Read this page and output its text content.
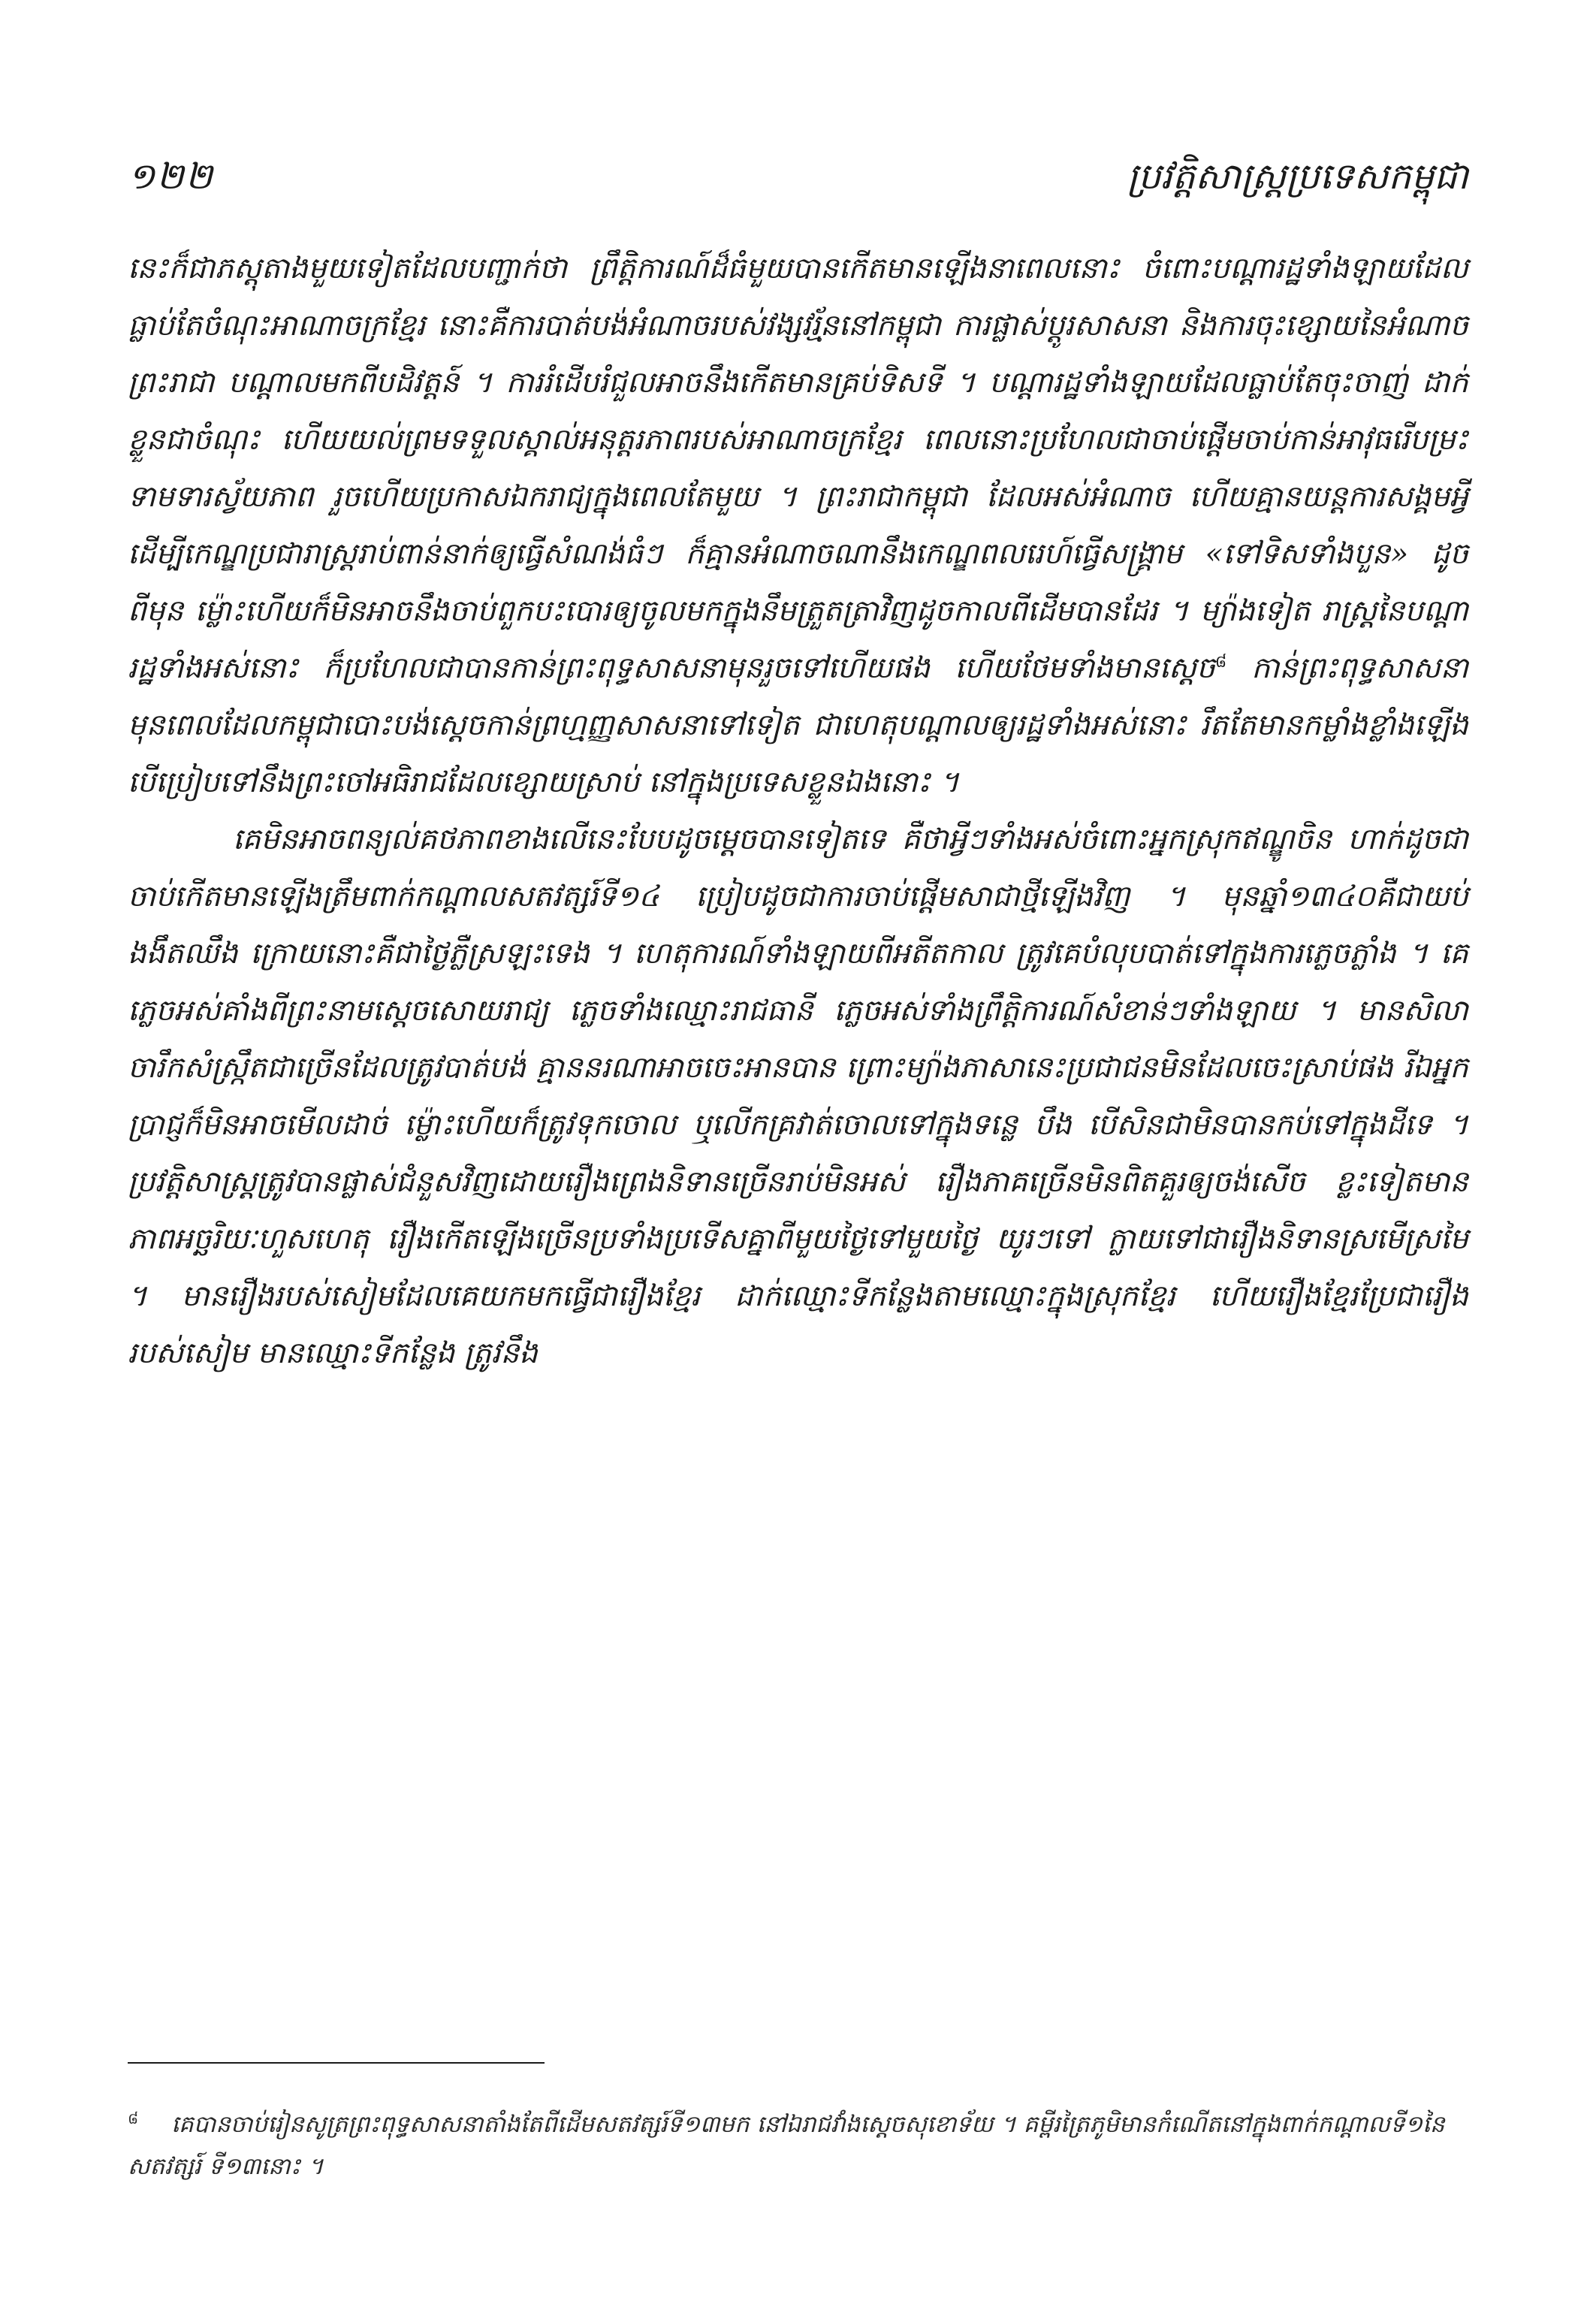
១២២	ប្រវត្តិសាស្ត្រប្រទេសកម្ពុជា

នេះក៏ជាភស្តុតាងមួយទៀតដែលបញ្ជាក់ថា ព្រឹត្តិការណ៍ដ៏ធំមួយបានកើតមានឡើងនាពេលនោះ ចំពោះបណ្តារដ្ឋទាំងឡាយដែលធ្លាប់តែចំណុះអាណាចក្រខ្មែរ នោះគឺការបាត់បង់អំណាចរបស់វង្សវរ្ម័ននៅកម្ពុជា ការផ្លាស់ប្តូរសាសនា និងការចុះខ្សោយនៃអំណាចព្រះរាជា បណ្តាលមកពីបដិវត្តន៍ ។ ការរំដើបរំជួលអាចនឹងកើតមានគ្រប់ទិសទី ។ បណ្តារដ្ឋទាំងឡាយដែលធ្លាប់តែចុះចាញ់ ដាក់ខ្លួនជាចំណុះ ហើយយល់ព្រមទទួលស្គាល់អនុត្តរភាពរបស់អាណាចក្រខ្មែរ ពេលនោះប្រហែលជាចាប់ផ្តើមចាប់កាន់អាវុធរើបម្រះទាមទារស្វ័យភាព រួចហើយប្រកាសឯករាជ្យក្នុងពេលតែមួយ ។ ព្រះរាជាកម្ពុជា ដែលអស់អំណាច ហើយគ្មានយន្តការសង្គមអ្វី ដើម្បីកេណ្ឌប្រជារាស្ត្ររាប់ពាន់នាក់ឲ្យធ្វើសំណង់ធំៗ ក៏គ្មានអំណាចណានឹងកេណ្ឌពលរេហ៍ធ្វើសង្គ្រាម «ទៅទិសទាំងបួន» ដូចពីមុន ម៉្លោះហើយក៏មិនអាចនឹងចាប់ពួកបះបោរឲ្យចូលមកក្នុងនឹមត្រួតត្រាវិញដូចកាលពីដើមបានដែរ ។ ម្យ៉ាងទៀត រាស្ត្រនៃបណ្តារដ្ឋទាំងអស់នោះ ក៏ប្រហែលជាបានកាន់ព្រះពុទ្ធសាសនាមុនរួចទៅហើយផង ហើយថែមទាំងមានស្តេច$^៨$ កាន់ព្រះពុទ្ធសាសនា មុនពេលដែលកម្ពុជាបោះបង់ស្តេចកាន់ព្រហ្មញ្ញសាសនាទៅទៀត ជាហេតុបណ្តាលឲ្យរដ្ឋទាំងអស់នោះ រឹតតែមានកម្លាំងខ្លាំងឡើង បើប្រៀបទៅនឹងព្រះចៅអធិរាជដែលខ្សោយស្រាប់ នៅក្នុងប្រទេសខ្លួនឯងនោះ ។

គេមិនអាចពន្យល់គថភាពខាងលើនេះបែបដូចម្តេចបានទៀតទេ គឺថាអ្វីៗទាំងអស់ចំពោះអ្នកស្រុកឥណ្ឌូចិន ហាក់ដូចជាចាប់កើតមានឡើងត្រឹមពាក់កណ្តាលសតវត្សរ៍ទី១៤ ប្រៀបដូចជាការចាប់ផ្តើមសាជាថ្មីឡើងវិញ ។ មុនឆ្នាំ១៣៤០គឺជាយប់ងងឹតឈឹង ក្រោយនោះគឺជាថ្ងៃភ្លឺស្រឡះទេង ។ ហេតុការណ៍ទាំងឡាយពីអតីតកាល ត្រូវគេបំលុបបាត់ទៅក្នុងការភ្លេចភ្លាំង ។ គេភ្លេចអស់គាំងពីព្រះនាមស្តេចសោយរាជ្យ ភ្លេចទាំងឈ្មោះរាជធានី ភ្លេចអស់ទាំងព្រឹត្តិការណ៍សំខាន់ៗទាំងឡាយ ។ មានសិលាចារឹកសំស្ក្រឹតជាច្រើនដែលត្រូវបាត់បង់ គ្មាននរណាអាចចេះអានបាន ព្រោះម្យ៉ាងភាសានេះប្រជាជនមិនដែលចេះស្រាប់ផង រីឯអ្នកប្រាជ្ញក៏មិនអាចមើលដាច់ ម៉្លោះហើយក៏ត្រូវទុកចោល ឬលើកគ្រវាត់ចោលទៅក្នុងទន្លេ បឹង បើសិនជាមិនបានកប់ទៅក្នុងដីទេ ។ ប្រវត្តិសាស្ត្រត្រូវបានផ្លាស់ជំនួសវិញដោយរឿងព្រេងនិទានច្រើនរាប់មិនអស់ រឿងភាគច្រើនមិនពិតគួរឲ្យចង់សើច ខ្លះទៀតមានភាពអច្ឆរិយៈហួសហេតុ រឿងកើតឡើងច្រើនប្រទាំងប្រទើសគ្នាពីមួយថ្ងៃទៅមួយថ្ងៃ យូរៗទៅ ក្លាយទៅជារឿងនិទានស្រមើស្រមៃ ។ មានរឿងរបស់សៀមដែលគេយកមកធ្វើជារឿងខ្មែរ ដាក់ឈ្មោះទីកន្លែងតាមឈ្មោះក្នុងស្រុកខ្មែរ ហើយរឿងខ្មែរប្រែជារឿងរបស់សៀម មានឈ្មោះទីកន្លែង ត្រូវនឹង

$^៨$ គេបានចាប់រៀនសូត្រព្រះពុទ្ធសាសនាតាំងតែពីដើមសតវត្សរ៍ទី១៣មក នៅឯរាជវាំងស្តេចសុខោទ័យ ។ គម្ពីរត្រៃភូមិមានកំណើតនៅក្នុងពាក់កណ្តាលទី១នៃសតវត្សរ៍ ទី១៣នោះ ។
